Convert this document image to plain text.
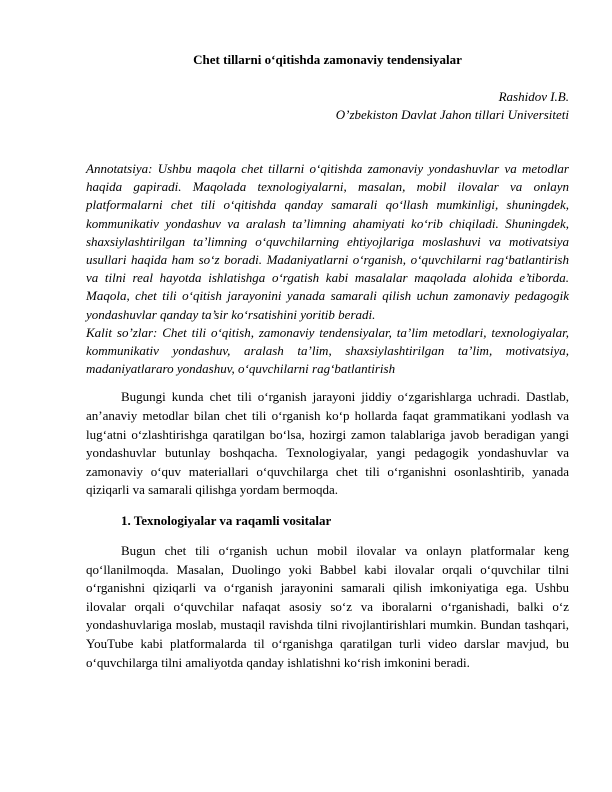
Chet tillarni o‘qitishda zamonaviy tendensiyalar

Rashidov I.B.

O’zbekiston Davlat Jahon tillari Universiteti

Annotatsiya: Ushbu maqola chet tillarni o‘qitishda zamonaviy yondashuvlar va metodlar haqida gapiradi. Maqolada texnologiyalarni, masalan, mobil ilovalar va onlayn platformalarni chet tili o‘qitishda qanday samarali qo‘llash mumkinligi, shuningdek, kommunikativ yondashuv va aralash ta’limning ahamiyati ko‘rib chiqiladi. Shuningdek, shaxsiylashtirilgan ta’limning o‘quvchilarning ehtiyojlariga moslashuvi va motivatsiya usullari haqida ham so‘z boradi. Madaniyatlarni o‘rganish, o‘quvchilarni rag‘batlantirish va tilni real hayotda ishlatishga o‘rgatish kabi masalalar maqolada alohida e’tiborda. Maqola, chet tili o‘qitish jarayonini yanada samarali qilish uchun zamonaviy pedagogik yondashuvlar qanday ta’sir ko‘rsatishini yoritib beradi.

Kalit so’zlar: Chet tili o‘qitish, zamonaviy tendensiyalar, ta’lim metodlari, texnologiyalar, kommunikativ yondashuv, aralash ta’lim, shaxsiylashtirilgan ta’lim, motivatsiya, madaniyatlararo yondashuv, o‘quvchilarni rag‘batlantirish

Bugungi kunda chet tili o‘rganish jarayoni jiddiy o‘zgarishlarga uchradi. Dastlab, an’anaviy metodlar bilan chet tili o‘rganish ko‘p hollarda faqat grammatikani yodlash va lug‘atni o‘zlashtirishga qaratilgan bo‘lsa, hozirgi zamon talablariga javob beradigan yangi yondashuvlar butunlay boshqacha. Texnologiyalar, yangi pedagogik yondashuvlar va zamonaviy o‘quv materiallari o‘quvchilarga chet tili o‘rganishni osonlashtirib, yanada qiziqarli va samarali qilishga yordam bermoqda.

1. Texnologiyalar va raqamli vositalar

Bugun chet tili o‘rganish uchun mobil ilovalar va onlayn platformalar keng qo‘llanilmoqda. Masalan, Duolingo yoki Babbel kabi ilovalar orqali o‘quvchilar tilni o‘rganishni qiziqarli va o‘rganish jarayonini samarali qilish imkoniyatiga ega. Ushbu ilovalar orqali o‘quvchilar nafaqat asosiy so‘z va iboralarni o‘rganishadi, balki o‘z yondashuvlariga moslab, mustaqil ravishda tilni rivojlantirishlari mumkin. Bundan tashqari, YouTube kabi platformalarda til o‘rganishga qaratilgan turli video darslar mavjud, bu o‘quvchilarga tilni amaliyotda qanday ishlatishni ko‘rish imkonini beradi.
